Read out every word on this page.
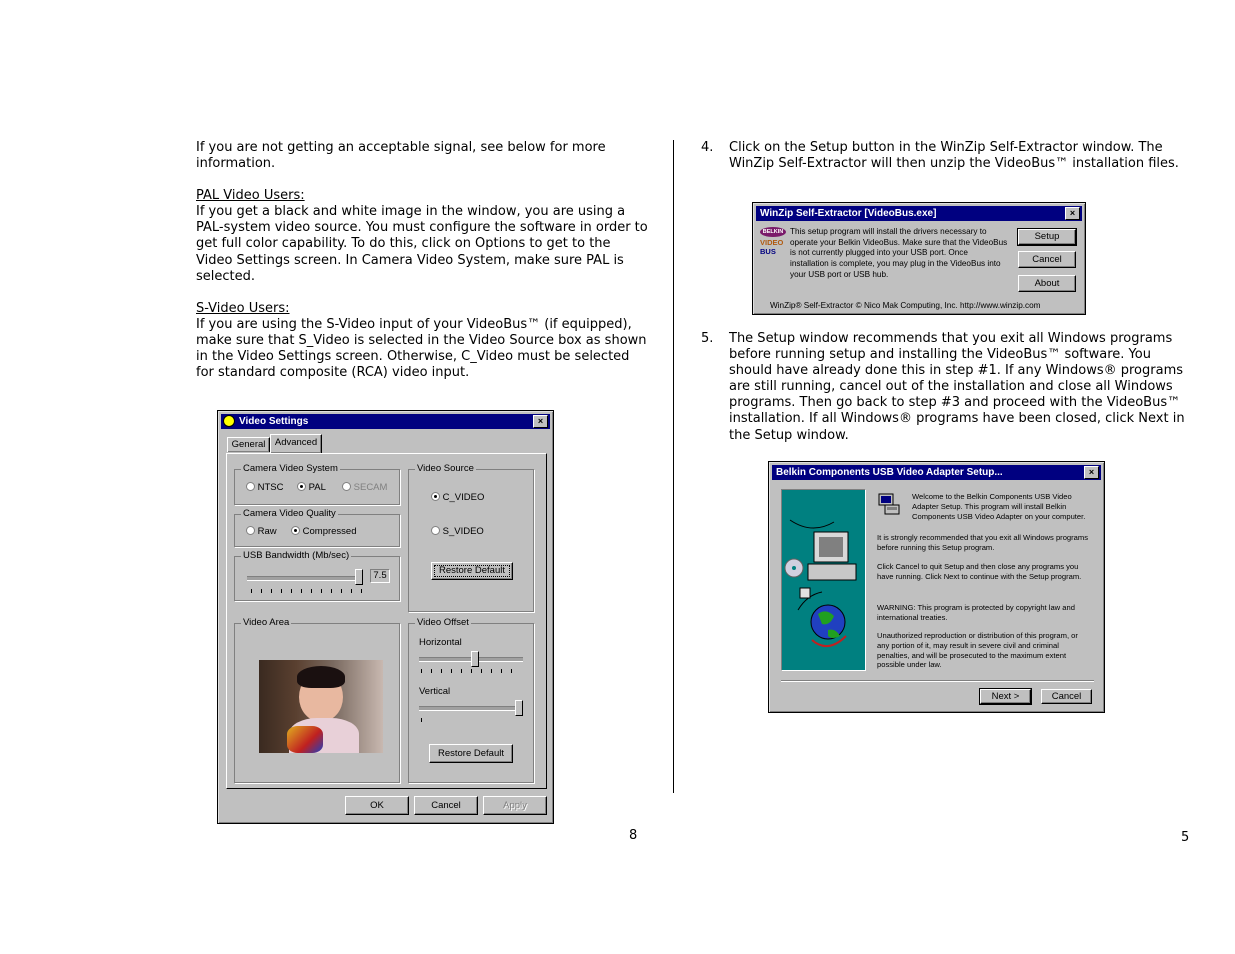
If you are not getting an acceptable signal, see below for more information.

PAL Video Users:

If you get a black and white image in the window, you are using a PAL-system video source. You must configure the software in order to get full color capability. To do this, click on Options to get to the Video Settings screen. In Camera Video System, make sure PAL is selected.

S-Video Users:

If you are using the S-Video input of your VideoBus™ (if equipped), make sure that S_Video is selected in the Video Source box as shown in the Video Settings screen. Otherwise, C_Video must be selected for standard composite (RCA) video input.

Video Settings	×
General Advanced
Camera Video System
NTSC	PAL	SECAM
Camera Video Quality
Raw	Compressed
USB Bandwidth (Mb/sec)
7.5
Video Source
C_VIDEO
S_VIDEO
Restore Default
Video Area	Video Offset
Horizontal
Vertical
Restore Default
OK	Cancel	Apply
8
4. Click on the Setup button in the WinZip Self-Extractor window. The WinZip Self-Extractor will then unzip the VideoBus™ installation files.
WinZip Self-Extractor [VideoBus.exe]	×
BELKIN
VIDEO
BUS
This setup program will install the drivers necessary to operate your Belkin VideoBus. Make sure that the VideoBus is not currently plugged into your USB port. Once installation is complete, you may plug in the VideoBus into your USB port or USB hub.
Setup
Cancel
About
WinZip® Self-Extractor © Nico Mak Computing, Inc. http://www.winzip.com
5. The Setup window recommends that you exit all Windows programs before running setup and installing the VideoBus™ software. You should have already done this in step #1. If any Windows® programs are still running, cancel out of the installation and close all Windows programs. Then go back to step #3 and proceed with the VideoBus™ installation. If all Windows® programs have been closed, click Next in the Setup window.
Belkin Components USB Video Adapter Setup...	×
Welcome to the Belkin Components USB Video Adapter Setup. This program will install Belkin Components USB Video Adapter on your computer.
It is strongly recommended that you exit all Windows programs before running this Setup program.
Click Cancel to quit Setup and then close any programs you have running. Click Next to continue with the Setup program.
WARNING: This program is protected by copyright law and international treaties.
Unauthorized reproduction or distribution of this program, or any portion of it, may result in severe civil and criminal penalties, and will be prosecuted to the maximum extent possible under law.
Next >	Cancel
5
